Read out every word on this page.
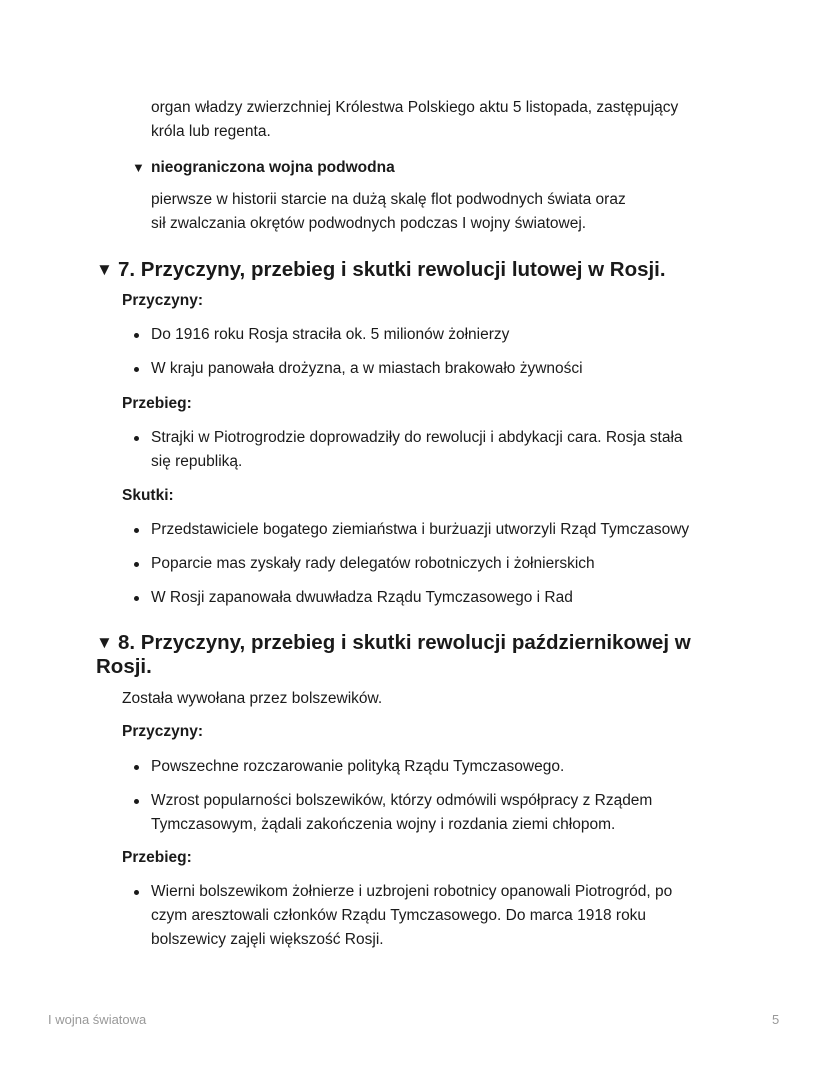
organ władzy zwierzchniej Królestwa Polskiego aktu 5 listopada, zastępujący
króla lub regenta.
▼ nieograniczona wojna podwodna
pierwsze w historii starcie na dużą skalę flot podwodnych świata oraz
sił zwalczania okrętów podwodnych podczas I wojny światowej.
▼ 7. Przyczyny, przebieg i skutki rewolucji lutowej w Rosji.
Przyczyny:
Do 1916 roku Rosja straciła ok. 5 milionów żołnierzy
W kraju panowała drożyzna, a w miastach brakowało żywności
Przebieg:
Strajki w Piotrogrodzie doprowadziły do rewolucji i abdykacji cara. Rosja stała
się republiką.
Skutki:
Przedstawiciele bogatego ziemiaństwa i burżuazji utworzyli Rząd Tymczasowy
Poparcie mas zyskały rady delegatów robotniczych i żołnierskich
W Rosji zapanowała dwuwładza Rządu Tymczasowego i Rad
▼ 8. Przyczyny, przebieg i skutki rewolucji październikowej w
Rosji.
Została wywołana przez bolszewików.
Przyczyny:
Powszechne rozczarowanie polityką Rządu Tymczasowego.
Wzrost popularności bolszewików, którzy odmówili współpracy z Rządem
Tymczasowym, żądali zakończenia wojny i rozdania ziemi chłopom.
Przebieg:
Wierni bolszewikom żołnierze i uzbrojeni robotnicy opanowali Piotrogród, po
czym aresztowali członków Rządu Tymczasowego. Do marca 1918 roku
bolszewicy zajęli większość Rosji.
I wojna światowa	5
